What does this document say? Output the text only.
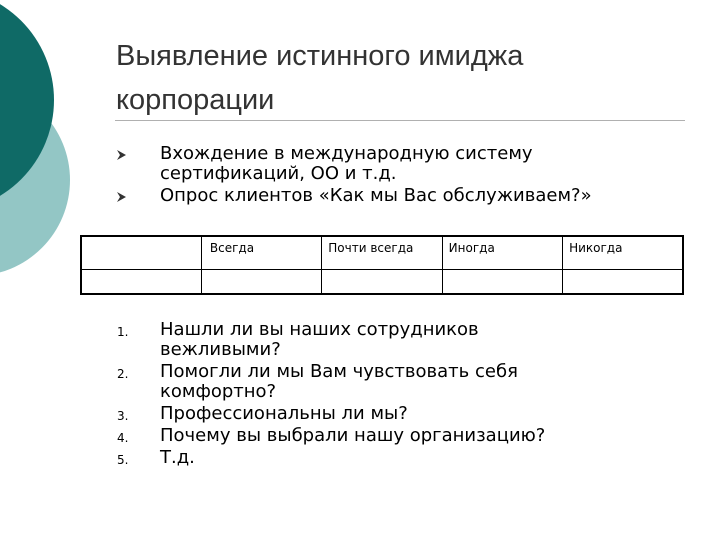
Выявление истинного имиджа
корпорации
Вхождение в международную систему
сертификаций, ОО и т.д.
Опрос клиентов «Как мы Вас обслуживаем?»
	Всегда	Почти всегда	Иногда	Никогда

1. Нашли ли вы наших сотрудников
вежливыми?
2. Помогли ли мы Вам чувствовать себя
комфортно?
3. Профессиональны ли мы?
4. Почему вы выбрали нашу организацию?
5. Т.д.
